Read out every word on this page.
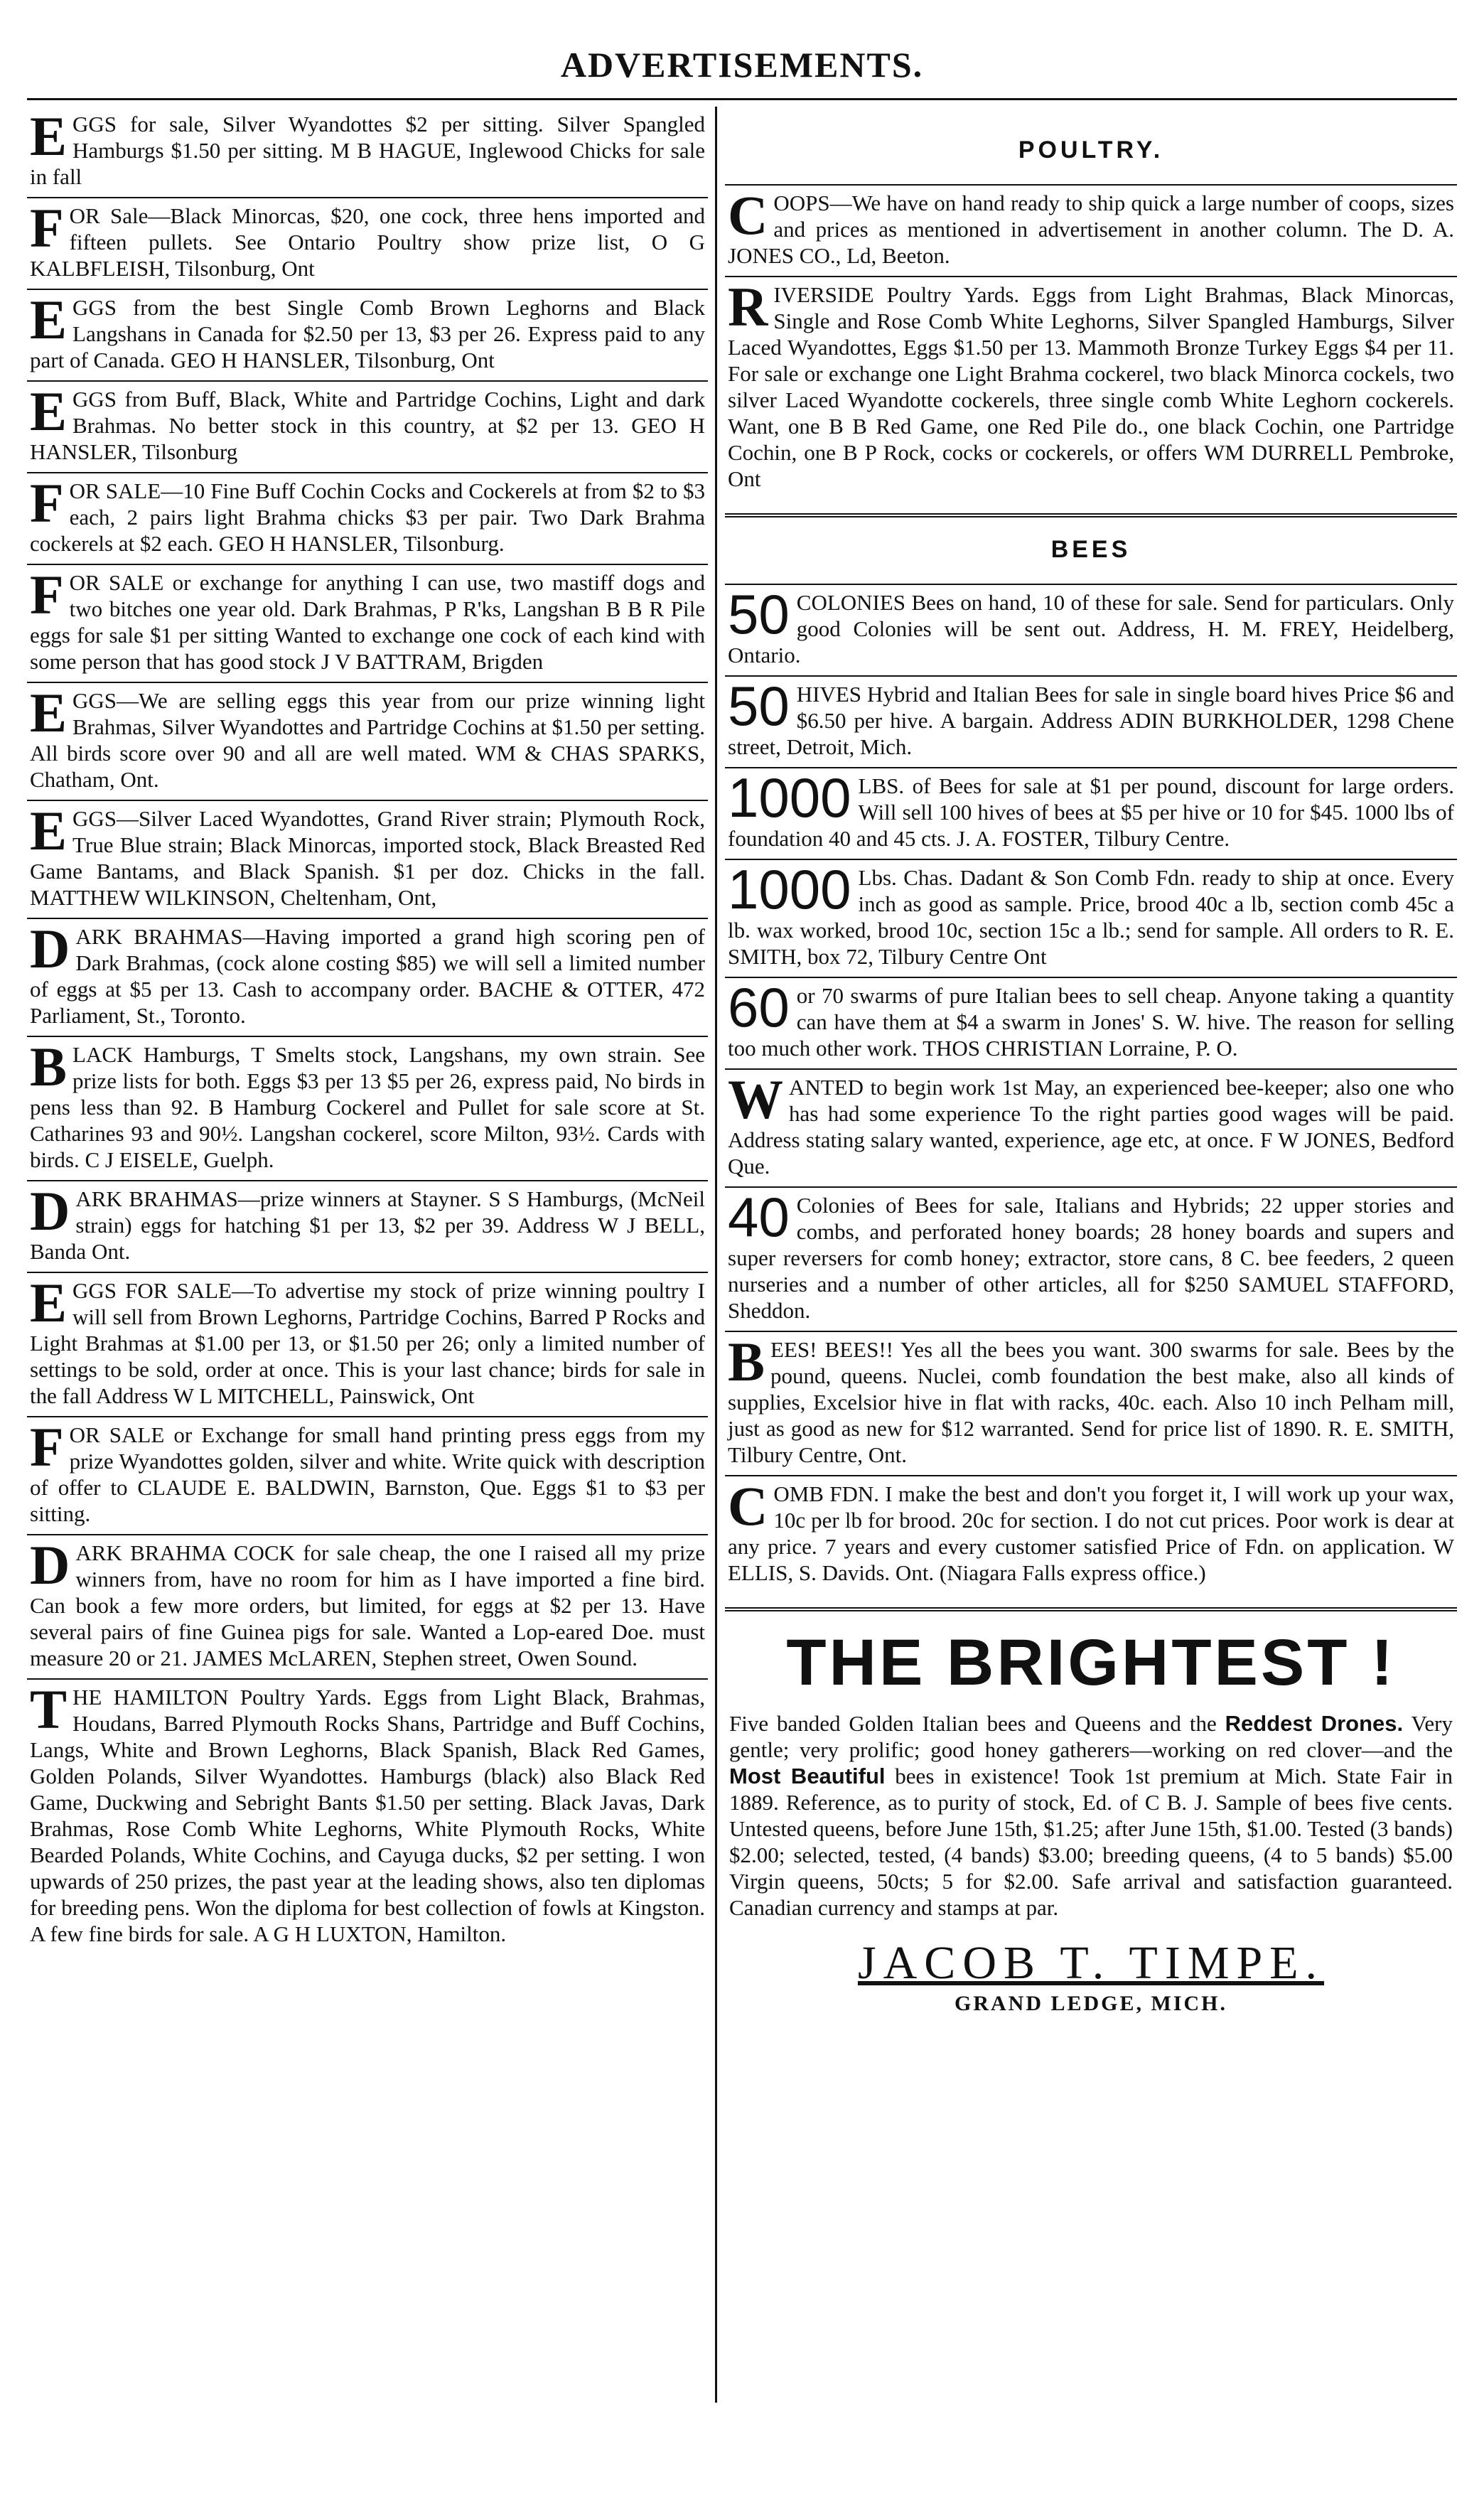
ADVERTISEMENTS.

EGGS for sale, Silver Wyandottes $2 per sitting. Silver Spangled Hamburgs $1.50 per sitting. M B HAGUE, Inglewood Chicks for sale in fall

FOR Sale—Black Minorcas, $20, one cock, three hens imported and fifteen pullets. See Ontario Poultry show prize list, O G KALBFLEISH, Tilsonburg, Ont

EGGS from the best Single Comb Brown Leghorns and Black Langshans in Canada for $2.50 per 13, $3 per 26. Express paid to any part of Canada. GEO H HANSLER, Tilsonburg, Ont

EGGS from Buff, Black, White and Partridge Cochins, Light and dark Brahmas. No better stock in this country, at $2 per 13. GEO H HANSLER, Tilsonburg

FOR SALE—10 Fine Buff Cochin Cocks and Cockerels at from $2 to $3 each, 2 pairs light Brahma chicks $3 per pair. Two Dark Brahma cockerels at $2 each. GEO H HANSLER, Tilsonburg.

FOR SALE or exchange for anything I can use, two mastiff dogs and two bitches one year old. Dark Brahmas, P R'ks, Langshan B B R Pile eggs for sale $1 per sitting Wanted to exchange one cock of each kind with some person that has good stock J V BATTRAM, Brigden

EGGS—We are selling eggs this year from our prize winning light Brahmas, Silver Wyandottes and Partridge Cochins at $1.50 per setting. All birds score over 90 and all are well mated. WM & CHAS SPARKS, Chatham, Ont.

EGGS—Silver Laced Wyandottes, Grand River strain; Plymouth Rock, True Blue strain; Black Minorcas, imported stock, Black Breasted Red Game Bantams, and Black Spanish. $1 per doz. Chicks in the fall. MATTHEW WILKINSON, Cheltenham, Ont,

DARK BRAHMAS—Having imported a grand high scoring pen of Dark Brahmas, (cock alone costing $85) we will sell a limited number of eggs at $5 per 13. Cash to accompany order. BACHE & OTTER, 472 Parliament, St., Toronto.

BLACK Hamburgs, T Smelts stock, Langshans, my own strain. See prize lists for both. Eggs $3 per 13 $5 per 26, express paid, No birds in pens less than 92. B Hamburg Cockerel and Pullet for sale score at St. Catharines 93 and 90½. Langshan cockerel, score Milton, 93½. Cards with birds. C J EISELE, Guelph.

DARK BRAHMAS—prize winners at Stayner. S S Hamburgs, (McNeil strain) eggs for hatching $1 per 13, $2 per 39. Address W J BELL, Banda Ont.

EGGS FOR SALE—To advertise my stock of prize winning poultry I will sell from Brown Leghorns, Partridge Cochins, Barred P Rocks and Light Brahmas at $1.00 per 13, or $1.50 per 26; only a limited number of settings to be sold, order at once. This is your last chance; birds for sale in the fall Address W L MITCHELL, Painswick, Ont

FOR SALE or Exchange for small hand printing press eggs from my prize Wyandottes golden, silver and white. Write quick with description of offer to CLAUDE E. BALDWIN, Barnston, Que. Eggs $1 to $3 per sitting.

DARK BRAHMA COCK for sale cheap, the one I raised all my prize winners from, have no room for him as I have imported a fine bird. Can book a few more orders, but limited, for eggs at $2 per 13. Have several pairs of fine Guinea pigs for sale. Wanted a Lop-eared Doe. must measure 20 or 21. JAMES McLAREN, Stephen street, Owen Sound.

THE HAMILTON Poultry Yards. Eggs from Light Black, Brahmas, Houdans, Barred Plymouth Rocks Shans, Partridge and Buff Cochins, Langs, White and Brown Leghorns, Black Spanish, Black Red Games, Golden Polands, Silver Wyandottes. Hamburgs (black) also Black Red Game, Duckwing and Sebright Bants $1.50 per setting. Black Javas, Dark Brahmas, Rose Comb White Leghorns, White Plymouth Rocks, White Bearded Polands, White Cochins, and Cayuga ducks, $2 per setting. I won upwards of 250 prizes, the past year at the leading shows, also ten diplomas for breeding pens. Won the diploma for best collection of fowls at Kingston. A few fine birds for sale. A G H LUXTON, Hamilton.

POULTRY.

COOPS—We have on hand ready to ship quick a large number of coops, sizes and prices as mentioned in advertisement in another column. The D. A. JONES CO., Ld, Beeton.

RIVERSIDE Poultry Yards. Eggs from Light Brahmas, Black Minorcas, Single and Rose Comb White Leghorns, Silver Spangled Hamburgs, Silver Laced Wyandottes, Eggs $1.50 per 13. Mammoth Bronze Turkey Eggs $4 per 11. For sale or exchange one Light Brahma cockerel, two black Minorca cockels, two silver Laced Wyandotte cockerels, three single comb White Leghorn cockerels. Want, one B B Red Game, one Red Pile do., one black Cochin, one Partridge Cochin, one B P Rock, cocks or cockerels, or offers WM DURRELL Pembroke, Ont

BEES

50 COLONIES Bees on hand, 10 of these for sale. Send for particulars. Only good Colonies will be sent out. Address, H. M. FREY, Heidelberg, Ontario.

50 HIVES Hybrid and Italian Bees for sale in single board hives Price $6 and $6.50 per hive. A bargain. Address ADIN BURKHOLDER, 1298 Chene street, Detroit, Mich.

1000 LBS. of Bees for sale at $1 per pound, discount for large orders. Will sell 100 hives of bees at $5 per hive or 10 for $45. 1000 lbs of foundation 40 and 45 cts. J. A. FOSTER, Tilbury Centre.

1000 Lbs. Chas. Dadant & Son Comb Fdn. ready to ship at once. Every inch as good as sample. Price, brood 40c a lb, section comb 45c a lb. wax worked, brood 10c, section 15c a lb.; send for sample. All orders to R. E. SMITH, box 72, Tilbury Centre Ont

60 or 70 swarms of pure Italian bees to sell cheap. Anyone taking a quantity can have them at $4 a swarm in Jones' S. W. hive. The reason for selling too much other work. THOS CHRISTIAN Lorraine, P. O.

WANTED to begin work 1st May, an experienced bee-keeper; also one who has had some experience To the right parties good wages will be paid. Address stating salary wanted, experience, age etc, at once. F W JONES, Bedford Que.

40 Colonies of Bees for sale, Italians and Hybrids; 22 upper stories and combs, and perforated honey boards; 28 honey boards and supers and super reversers for comb honey; extractor, store cans, 8 C. bee feeders, 2 queen nurseries and a number of other articles, all for $250 SAMUEL STAFFORD, Sheddon.

BEES! BEES!! Yes all the bees you want. 300 swarms for sale. Bees by the pound, queens. Nuclei, comb foundation the best make, also all kinds of supplies, Excelsior hive in flat with racks, 40c. each. Also 10 inch Pelham mill, just as good as new for $12 warranted. Send for price list of 1890. R. E. SMITH, Tilbury Centre, Ont.

COMB FDN. I make the best and don't you forget it, I will work up your wax, 10c per lb for brood. 20c for section. I do not cut prices. Poor work is dear at any price. 7 years and every customer satisfied Price of Fdn. on application. W ELLIS, S. Davids. Ont. (Niagara Falls express office.)

THE BRIGHTEST !
Five banded Golden Italian bees and Queens and the Reddest Drones. Very gentle; very prolific; good honey gatherers—working on red clover—and the Most Beautiful bees in existence! Took 1st premium at Mich. State Fair in 1889. Reference, as to purity of stock, Ed. of C B. J. Sample of bees five cents. Untested queens, before June 15th, $1.25; after June 15th, $1.00. Tested (3 bands) $2.00; selected, tested, (4 bands) $3.00; breeding queens, (4 to 5 bands) $5.00 Virgin queens, 50cts; 5 for $2.00. Safe arrival and satisfaction guaranteed. Canadian currency and stamps at par.
JACOB T. TIMPE.
GRAND LEDGE, MICH.
